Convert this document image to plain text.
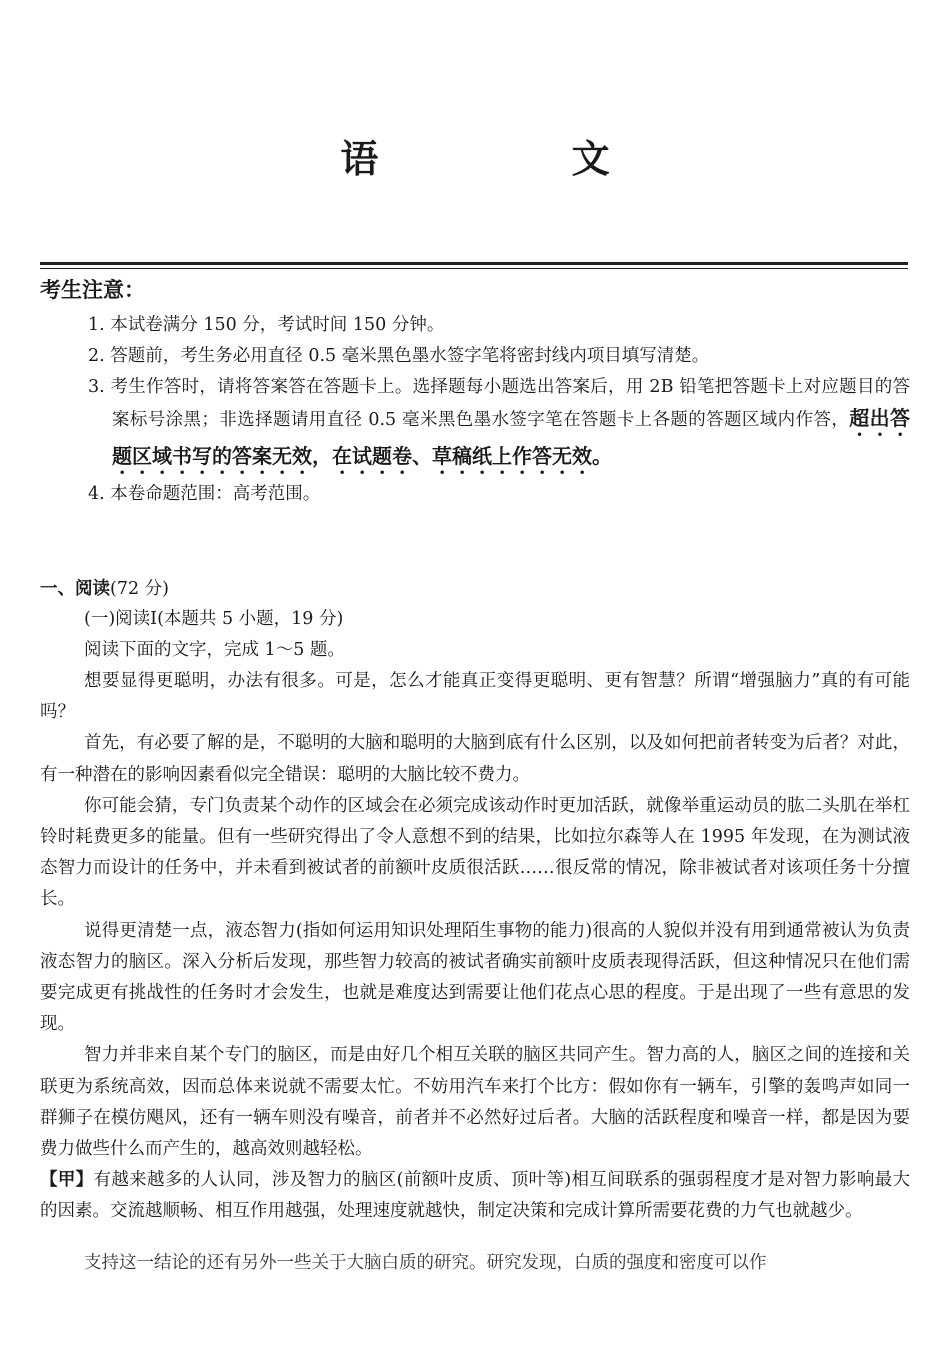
语 文
考生注意：
1. 本试卷满分 150 分，考试时间 150 分钟。
2. 答题前，考生务必用直径 0.5 毫米黑色墨水签字笔将密封线内项目填写清楚。
3. 考生作答时，请将答案答在答题卡上。选择题每小题选出答案后，用 2B 铅笔把答题卡上对应题目的答案标号涂黑；非选择题请用直径 0.5 毫米黑色墨水签字笔在答题卡上各题的答题区域内作答，超出答题区域书写的答案无效，在试题卷、草稿纸上作答无效。
4. 本卷命题范围：高考范围。
一、阅读(72 分)
(一)阅读Ⅰ(本题共 5 小题，19 分)
阅读下面的文字，完成 1～5 题。

想要显得更聪明，办法有很多。可是，怎么才能真正变得更聪明、更有智慧？所谓“增强脑力”真的有可能吗？

首先，有必要了解的是，不聪明的大脑和聪明的大脑到底有什么区别，以及如何把前者转变为后者？对此，有一种潜在的影响因素看似完全错误：聪明的大脑比较不费力。

你可能会猜，专门负责某个动作的区域会在必须完成该动作时更加活跃，就像举重运动员的肱二头肌在举杠铃时耗费更多的能量。但有一些研究得出了令人意想不到的结果，比如拉尔森等人在 1995 年发现，在为测试液态智力而设计的任务中，并未看到被试者的前额叶皮质很活跃……很反常的情况，除非被试者对该项任务十分擅长。

说得更清楚一点，液态智力(指如何运用知识处理陌生事物的能力)很高的人貌似并没有用到通常被认为负责液态智力的脑区。深入分析后发现，那些智力较高的被试者确实前额叶皮质表现得活跃，但这种情况只在他们需要完成更有挑战性的任务时才会发生，也就是难度达到需要让他们花点心思的程度。于是出现了一些有意思的发现。

智力并非来自某个专门的脑区，而是由好几个相互关联的脑区共同产生。智力高的人，脑区之间的连接和关联更为系统高效，因而总体来说就不需要太忙。不妨用汽车来打个比方：假如你有一辆车，引擎的轰鸣声如同一群狮子在模仿飓风，还有一辆车则没有噪音，前者并不必然好过后者。大脑的活跃程度和噪音一样，都是因为要费力做些什么而产生的，越高效则越轻松。

【甲】有越来越多的人认同，涉及智力的脑区(前额叶皮质、顶叶等)相互间联系的强弱程度才是对智力影响最大的因素。交流越顺畅、相互作用越强，处理速度就越快，制定决策和完成计算所需要花费的力气也就越少。

支持这一结论的还有另外一些关于大脑白质的研究。研究发现，白质的强度和密度可以作
